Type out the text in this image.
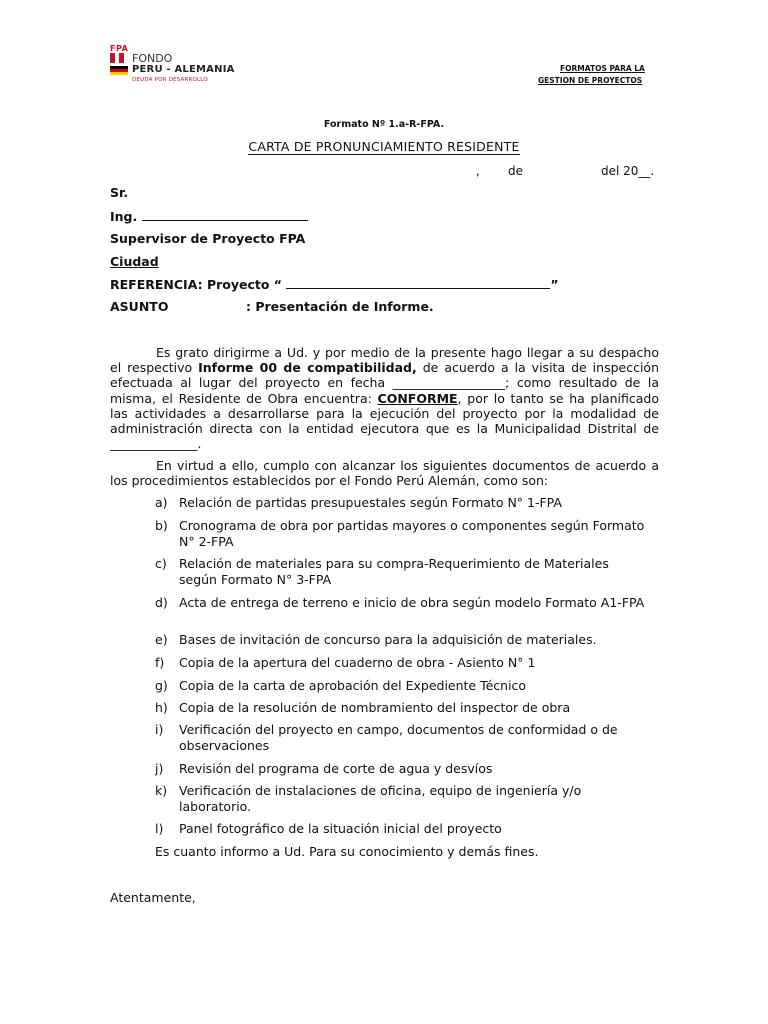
FPA
FONDO
PERU - ALEMANIA
DEUDA POR DESARROLLO
FORMATOS PARA LA
GESTION DE PROYECTOS
Formato Nº 1.a-R-FPA.
CARTA DE PRONUNCIAMIENTO RESIDENTE
, de	del 20__.
Sr.
Ing.
Supervisor de Proyecto FPA
Ciudad
REFERENCIA: Proyecto “	”
ASUNTO	: Presentación de Informe.
Es grato dirigirme a Ud. y por medio de la presente hago llegar a su despacho el respectivo Informe 00 de compatibilidad, de acuerdo a la visita de inspección efectuada al lugar del proyecto en fecha __________________; como resultado de la misma, el Residente de Obra encuentra: CONFORME, por lo tanto se ha planificado las actividades a desarrollarse para la ejecución del proyecto por la modalidad de administración directa con la entidad ejecutora que es la Municipalidad Distrital de ______________.
En virtud a ello, cumplo con alcanzar los siguientes documentos de acuerdo a los procedimientos establecidos por el Fondo Perú Alemán, como son:
a) Relación de partidas presupuestales según Formato N° 1-FPA
b) Cronograma de obra por partidas mayores o componentes según Formato N° 2-FPA
c) Relación de materiales para su compra-Requerimiento de Materiales según Formato N° 3-FPA
d) Acta de entrega de terreno e inicio de obra según modelo Formato A1-FPA
e) Bases de invitación de concurso para la adquisición de materiales.
f) Copia de la apertura del cuaderno de obra - Asiento N° 1
g) Copia de la carta de aprobación del Expediente Técnico
h) Copia de la resolución de nombramiento del inspector de obra
i) Verificación del proyecto en campo, documentos de conformidad o de observaciones
j) Revisión del programa de corte de agua y desvíos
k) Verificación de instalaciones de oficina, equipo de ingeniería y/o laboratorio.
l) Panel fotográfico de la situación inicial del proyecto
Es cuanto informo a Ud. Para su conocimiento y demás fines.
Atentamente,
